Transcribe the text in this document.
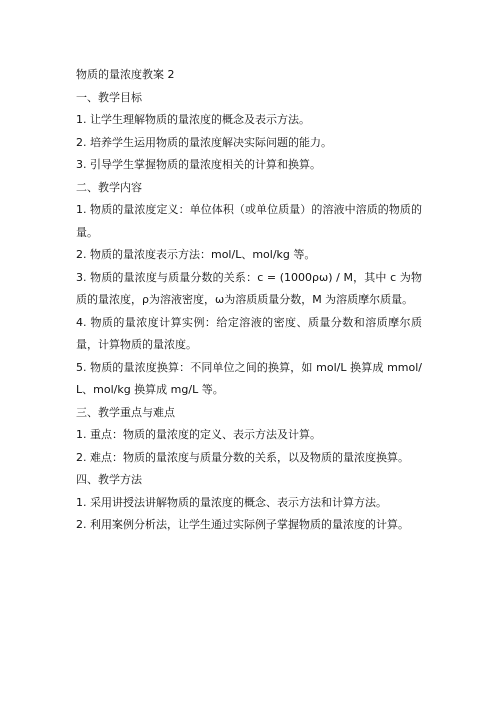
物质的量浓度教案 2

一、教学目标

1. 让学生理解物质的量浓度的概念及表示方法。

2. 培养学生运用物质的量浓度解决实际问题的能力。

3. 引导学生掌握物质的量浓度相关的计算和换算。

二、教学内容

1. 物质的量浓度定义：单位体积（或单位质量）的溶液中溶质的物质的量。

2. 物质的量浓度表示方法：mol/L、mol/kg 等。

3. 物质的量浓度与质量分数的关系：c = (1000ρω) / M，其中 c 为物质的量浓度，ρ为溶液密度，ω为溶质质量分数，M 为溶质摩尔质量。

4. 物质的量浓度计算实例：给定溶液的密度、质量分数和溶质摩尔质量，计算物质的量浓度。

5. 物质的量浓度换算：不同单位之间的换算，如 mol/L 换算成 mmol/L、mol/kg 换算成 mg/L 等。

三、教学重点与难点

1. 重点：物质的量浓度的定义、表示方法及计算。

2. 难点：物质的量浓度与质量分数的关系，以及物质的量浓度换算。

四、教学方法

1. 采用讲授法讲解物质的量浓度的概念、表示方法和计算方法。

2. 利用案例分析法，让学生通过实际例子掌握物质的量浓度的计算。
